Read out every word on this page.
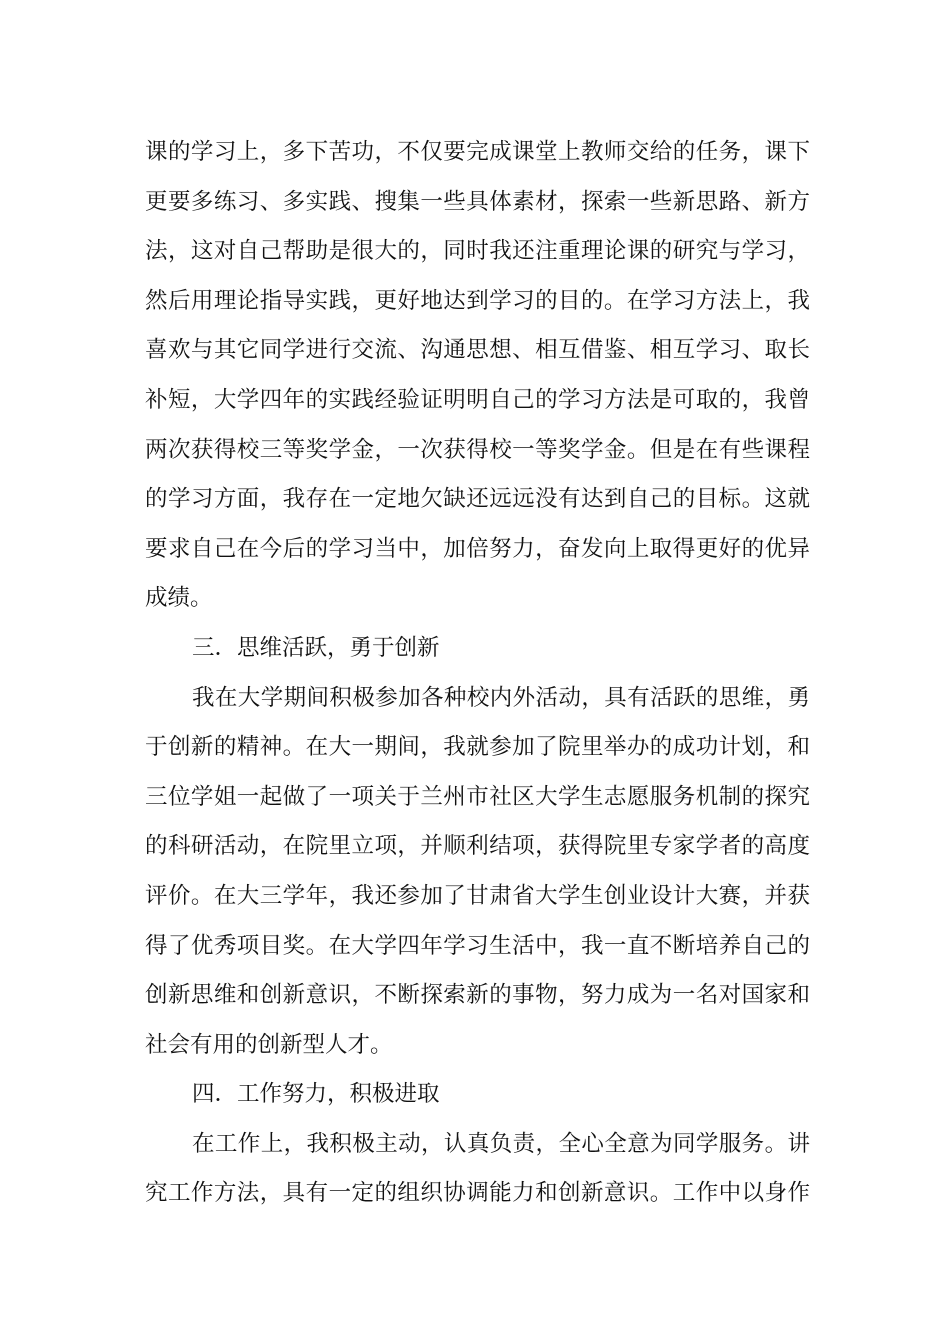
课的学习上，多下苦功，不仅要完成课堂上教师交给的任务，课下
更要多练习、多实践、搜集一些具体素材，探索一些新思路、新方
法，这对自己帮助是很大的，同时我还注重理论课的研究与学习，
然后用理论指导实践，更好地达到学习的目的。在学习方法上，我
喜欢与其它同学进行交流、沟通思想、相互借鉴、相互学习、取长
补短，大学四年的实践经验证明明自己的学习方法是可取的，我曾
两次获得校三等奖学金，一次获得校一等奖学金。但是在有些课程
的学习方面，我存在一定地欠缺还远远没有达到自己的目标。这就
要求自己在今后的学习当中，加倍努力，奋发向上取得更好的优异
成绩。
三．思维活跃，勇于创新
我在大学期间积极参加各种校内外活动，具有活跃的思维，勇
于创新的精神。在大一期间，我就参加了院里举办的成功计划，和
三位学姐一起做了一项关于兰州市社区大学生志愿服务机制的探究
的科研活动，在院里立项，并顺利结项，获得院里专家学者的高度
评价。在大三学年，我还参加了甘肃省大学生创业设计大赛，并获
得了优秀项目奖。在大学四年学习生活中，我一直不断培养自己的
创新思维和创新意识，不断探索新的事物，努力成为一名对国家和
社会有用的创新型人才。
四．工作努力，积极进取
在工作上，我积极主动，认真负责，全心全意为同学服务。讲
究工作方法，具有一定的组织协调能力和创新意识。工作中以身作
